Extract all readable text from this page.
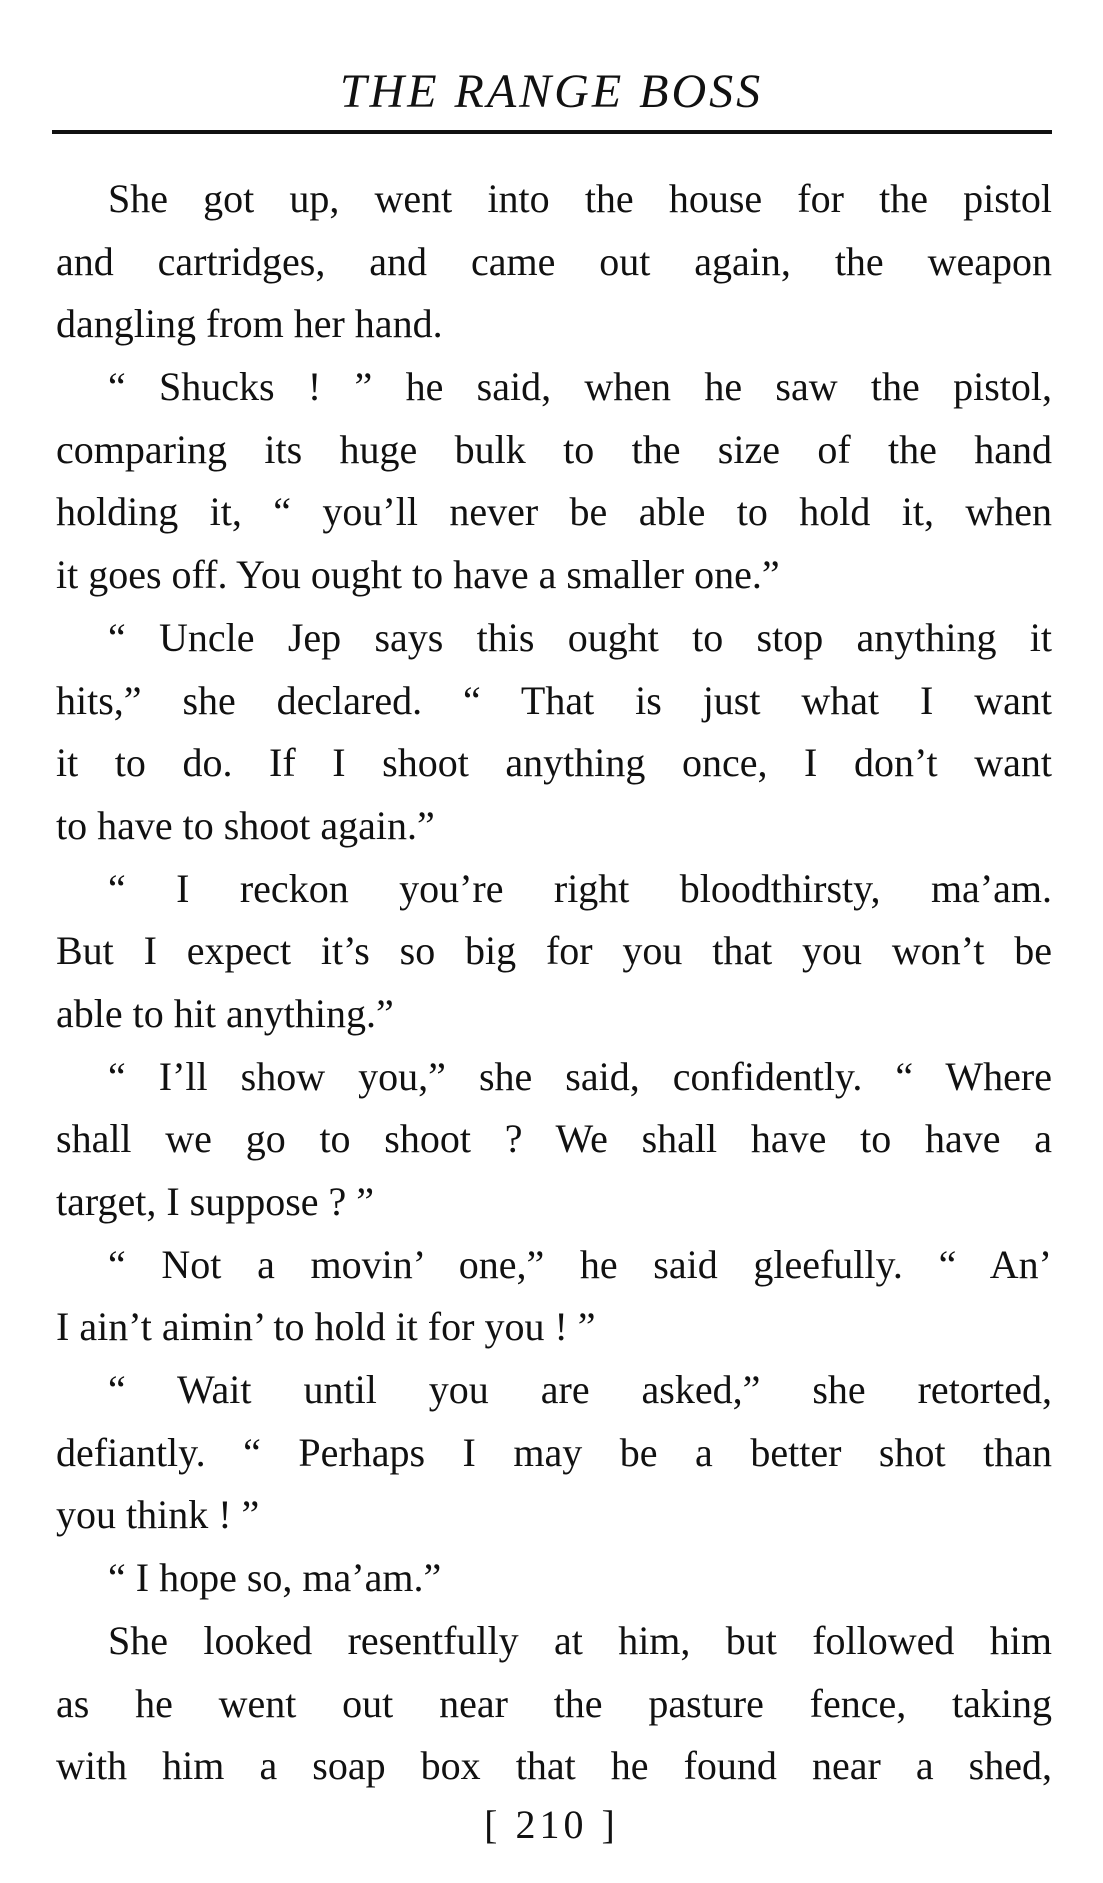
THE RANGE BOSS
She got up, went into the house for the pistol
and cartridges, and came out again, the weapon
dangling from her hand.
“ Shucks ! ” he said, when he saw the pistol,
comparing its huge bulk to the size of the hand
holding it, “ you’ll never be able to hold it, when
it goes off. You ought to have a smaller one.”
“ Uncle Jep says this ought to stop anything it
hits,” she declared. “ That is just what I want
it to do. If I shoot anything once, I don’t want
to have to shoot again.”
“ I reckon you’re right bloodthirsty, ma’am.
But I expect it’s so big for you that you won’t be
able to hit anything.”
“ I’ll show you,” she said, confidently. “ Where
shall we go to shoot ? We shall have to have a
target, I suppose ? ”
“ Not a movin’ one,” he said gleefully. “ An’
I ain’t aimin’ to hold it for you ! ”
“ Wait until you are asked,” she retorted,
defiantly. “ Perhaps I may be a better shot than
you think ! ”
“ I hope so, ma’am.”
She looked resentfully at him, but followed him
as he went out near the pasture fence, taking
with him a soap box that he found near a shed,
[ 210 ]
